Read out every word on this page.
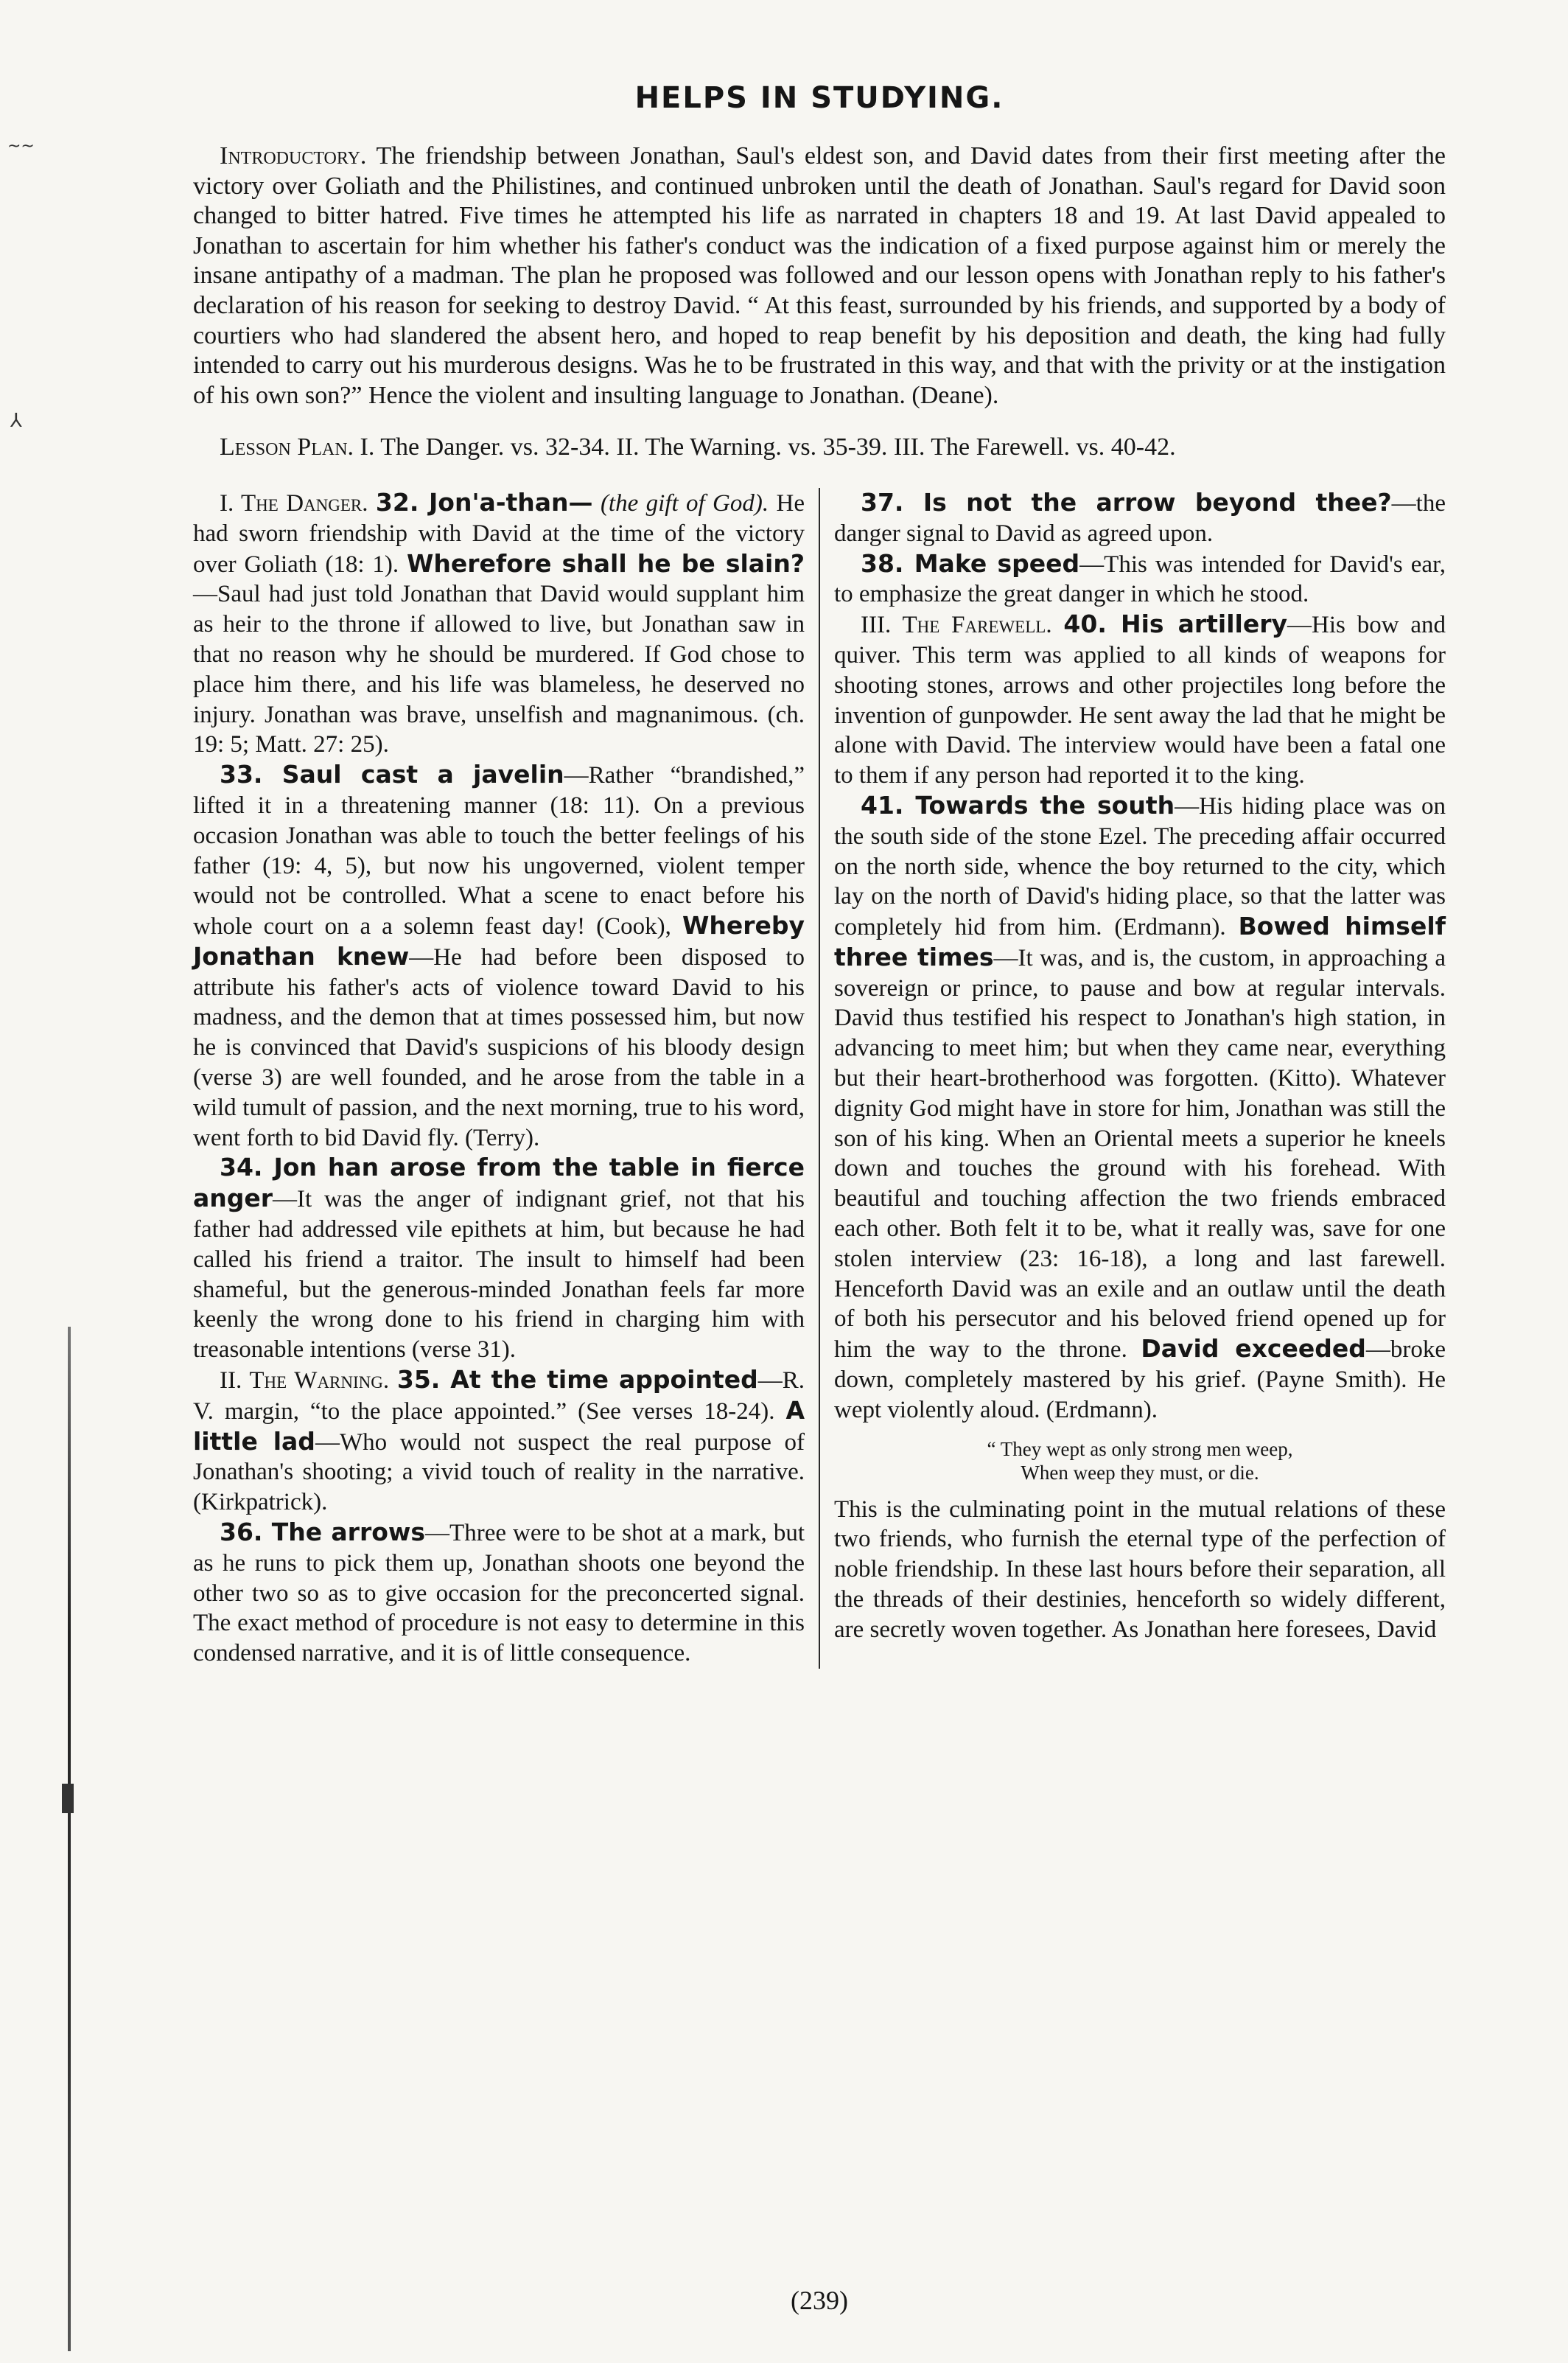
~~
⅄
HELPS IN STUDYING.

Introductory. The friendship between Jonathan, Saul's eldest son, and David dates from their first meeting after the victory over Goliath and the Philistines, and continued unbroken until the death of Jonathan. Saul's regard for David soon changed to bitter hatred. Five times he attempted his life as narrated in chapters 18 and 19. At last David appealed to Jonathan to ascertain for him whether his father's conduct was the indication of a fixed purpose against him or merely the insane antipathy of a madman. The plan he proposed was followed and our lesson opens with Jonathan reply to his father's declaration of his reason for seeking to destroy David. “ At this feast, surrounded by his friends, and supported by a body of courtiers who had slandered the absent hero, and hoped to reap benefit by his deposition and death, the king had fully intended to carry out his murderous designs. Was he to be frustrated in this way, and that with the privity or at the instigation of his own son?” Hence the violent and insulting language to Jonathan. (Deane).

Lesson Plan. I. The Danger. vs. 32-34. II. The Warning. vs. 35-39. III. The Farewell. vs. 40-42.

I. The Danger. 32. Jon'a-than— (the gift of God). He had sworn friendship with David at the time of the victory over Goliath (18: 1). Wherefore shall he be slain?—Saul had just told Jonathan that David would supplant him as heir to the throne if allowed to live, but Jonathan saw in that no reason why he should be murdered. If God chose to place him there, and his life was blameless, he deserved no injury. Jonathan was brave, unselfish and magnanimous. (ch. 19: 5; Matt. 27: 25).

33. Saul cast a javelin—Rather “brandished,” lifted it in a threatening manner (18: 11). On a previous occasion Jonathan was able to touch the better feelings of his father (19: 4, 5), but now his ungoverned, violent temper would not be controlled. What a scene to enact before his whole court on a a solemn feast day! (Cook), Whereby Jonathan knew—He had before been disposed to attribute his father's acts of violence toward David to his madness, and the demon that at times possessed him, but now he is convinced that David's suspicions of his bloody design (verse 3) are well founded, and he arose from the table in a wild tumult of passion, and the next morning, true to his word, went forth to bid David fly. (Terry).

34. Jon han arose from the table in fierce anger—It was the anger of indignant grief, not that his father had addressed vile epithets at him, but because he had called his friend a traitor. The insult to himself had been shameful, but the generous-minded Jonathan feels far more keenly the wrong done to his friend in charging him with treasonable intentions (verse 31).

II. The Warning. 35. At the time appointed—R. V. margin, “to the place appointed.” (See verses 18-24). A little lad—Who would not suspect the real purpose of Jonathan's shooting; a vivid touch of reality in the narrative. (Kirkpatrick).

36. The arrows—Three were to be shot at a mark, but as he runs to pick them up, Jonathan shoots one beyond the other two so as to give occasion for the preconcerted signal. The exact method of procedure is not easy to determine in this condensed narrative, and it is of little consequence.

37. Is not the arrow beyond thee?—the danger signal to David as agreed upon.

38. Make speed—This was intended for David's ear, to emphasize the great danger in which he stood.

III. The Farewell. 40. His artillery—His bow and quiver. This term was applied to all kinds of weapons for shooting stones, arrows and other projectiles long before the invention of gunpowder. He sent away the lad that he might be alone with David. The interview would have been a fatal one to them if any person had reported it to the king.

41. Towards the south—His hiding place was on the south side of the stone Ezel. The preceding affair occurred on the north side, whence the boy returned to the city, which lay on the north of David's hiding place, so that the latter was completely hid from him. (Erdmann). Bowed himself three times—It was, and is, the custom, in approaching a sovereign or prince, to pause and bow at regular intervals. David thus testified his respect to Jonathan's high station, in advancing to meet him; but when they came near, everything but their heart-brotherhood was forgotten. (Kitto). Whatever dignity God might have in store for him, Jonathan was still the son of his king. When an Oriental meets a superior he kneels down and touches the ground with his forehead. With beautiful and touching affection the two friends embraced each other. Both felt it to be, what it really was, save for one stolen interview (23: 16-18), a long and last farewell. Henceforth David was an exile and an outlaw until the death of both his persecutor and his beloved friend opened up for him the way to the throne. David exceeded—broke down, completely mastered by his grief. (Payne Smith). He wept violently aloud. (Erdmann).

“ They wept as only strong men weep,
When weep they must, or die.

This is the culminating point in the mutual relations of these two friends, who furnish the eternal type of the perfection of noble friendship. In these last hours before their separation, all the threads of their destinies, henceforth so widely different, are secretly woven together. As Jonathan here foresees, David

(239)
